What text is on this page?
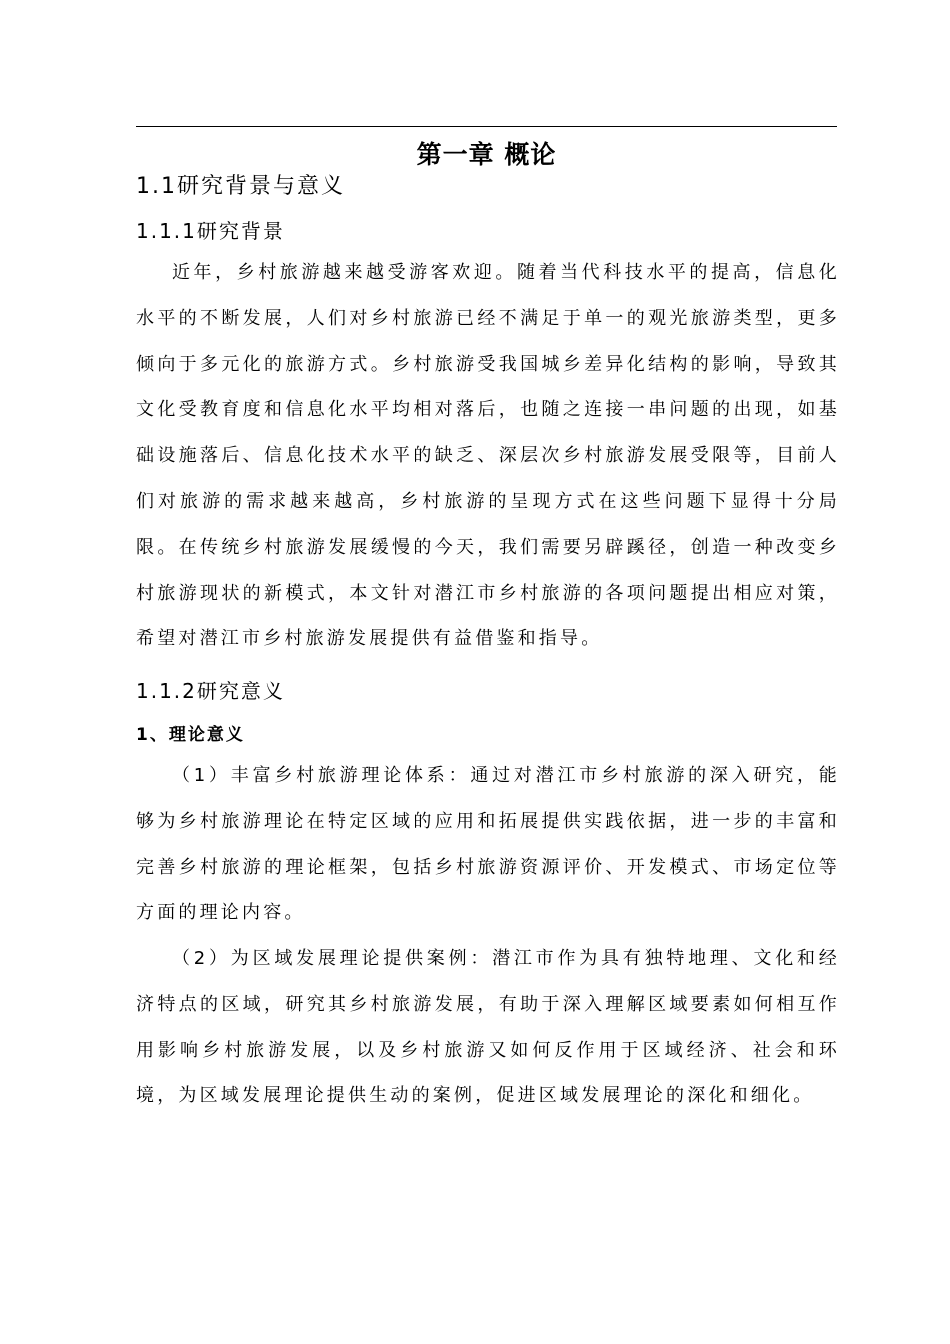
第一章 概论
1.1研究背景与意义
1.1.1研究背景

近年，乡村旅游越来越受游客欢迎。随着当代科技水平的提高，信息化水平的不断发展，人们对乡村旅游已经不满足于单一的观光旅游类型，更多倾向于多元化的旅游方式。乡村旅游受我国城乡差异化结构的影响，导致其文化受教育度和信息化水平均相对落后，也随之连接一串问题的出现，如基础设施落后、信息化技术水平的缺乏、深层次乡村旅游发展受限等，目前人们对旅游的需求越来越高，乡村旅游的呈现方式在这些问题下显得十分局限。在传统乡村旅游发展缓慢的今天，我们需要另辟蹊径，创造一种改变乡村旅游现状的新模式，本文针对潜江市乡村旅游的各项问题提出相应对策，希望对潜江市乡村旅游发展提供有益借鉴和指导。

1.1.2研究意义
1、理论意义

（1）丰富乡村旅游理论体系：通过对潜江市乡村旅游的深入研究，能够为乡村旅游理论在特定区域的应用和拓展提供实践依据，进一步的丰富和完善乡村旅游的理论框架，包括乡村旅游资源评价、开发模式、市场定位等方面的理论内容。

（2）为区域发展理论提供案例：潜江市作为具有独特地理、文化和经济特点的区域，研究其乡村旅游发展，有助于深入理解区域要素如何相互作用影响乡村旅游发展，以及乡村旅游又如何反作用于区域经济、社会和环境，为区域发展理论提供生动的案例，促进区域发展理论的深化和细化。
